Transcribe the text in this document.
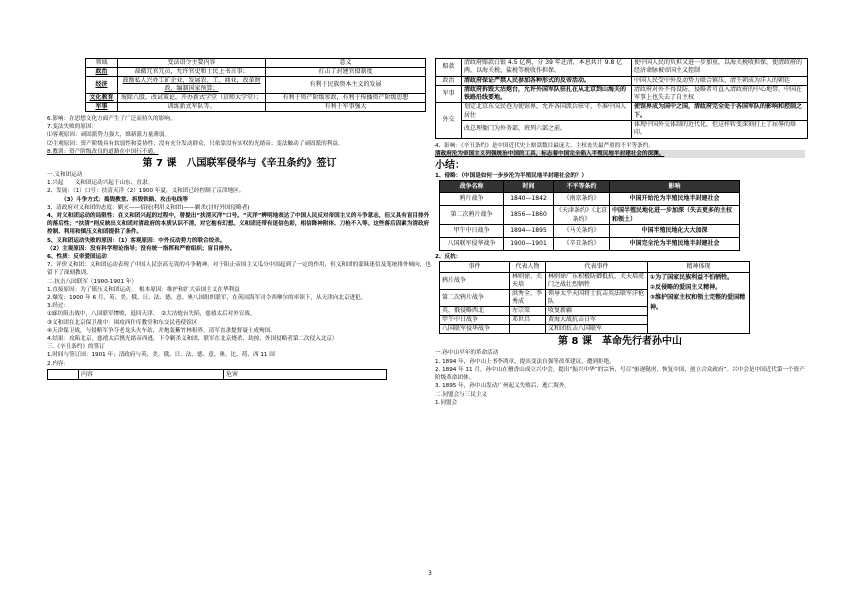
领域	变法诏令主要内容	意义
政治	裁撤冗官冗员，允许官吏和士民上书言事；	打击了封建官僚制度
经济	鼓励私人兴办工矿企业，发展农、工、商业，改革财政，编制国家预算；	有利于民族资本主义的发展
文化教育	废除八股，改试策论，开办新式学堂（京师大学堂）；	有利于资产阶级参政，有利于传播资产阶级思想
军事	训练新式军队等。	有利于军事强大

6.影响：在思想文化方面产生了广泛而持久的影响。

7.变法失败的原因：

⑴客观原因：顽固派势力强大，维新派力量薄弱。

⑵主观原因：资产阶级具有软弱性和妥协性；没有充分发动群众，只依靠没有实权的光绪帝；变法触动了顽固派的利益。

8.教训：资产阶级改良的道路在中国行不通。

第 7 课　八国联军侵华与《辛丑条约》签订

一.义和团运动

1.兴起　　义和团运动兴起于山东、直隶。

2、发展：（1）口号：扶清灭洋（2）1900 年夏，义和团已经控制了京津地区。

　　　（3）斗争方式：捣毁教堂、拆毁铁路、攻击电线等

3、清政府对义和团的态度：剿灭——招抚(利用义和团)——剿杀(讨好外国侵略者)

4、对义和团运动的局限性：在义和团兴起的过程中，曾提出“扶清灭洋”口号。“灭洋”辨明地表达了中国人民反对帝国主义的斗争意志，但又具有盲目排外的落后性；“扶清”则反映出义和团对清政府的本质认识不清，对它抱有幻想。义和团还带有迷信色彩，相信降神附体、刀枪不入等。这些落后因素为清政府控制、利用和镇压义和团提供了条件。

5、义和团运动失败的原因：（1）客观原因：中外反动势力的联合绞杀。

（2）主观原因：没有科学理论指导；没有统一指挥和严密组织；盲目排外。

6、性质：反帝爱国运动

7、评价义和团：义和团运动表现了中国人民崇高无畏的斗争精神，对于阻止帝国主义瓜分中国起到了一定的作用，但义和团的蒙昧迷信及笼统排外倾向，也留下了深刻教训。

二.抗击八国联军（1900-1901 年）

1.直接原因：为了镇压义和团运动。　根本原因：维护和扩大帝国主义在华利益

2.爆发：1900 年 6 月，英、美、俄、日、法、德、意、奥八国组织联军，在英国海军司令西摩尔的率领下，从天津向北京进犯。

3.经过：

①廊坊阻击战中，八国联军惨败，退回天津。　②大沽炮台失陷，慈禧太后对外宣战。

③义和团在北京保卫战中：围攻西什库教堂和东交民巷使馆区

④天津保卫战，与侵略军争夺老龙头火车站，并炮轰紫竹林租界，清军直隶提督聂士成殉国。

4.结果：攻陷北京，慈禧太后携光绪帝西逃，下令剿杀义和团，联军在北京烧杀、劫掠，外国侵略者第二次侵入北京）

三.《辛丑条约》的签订

1.时间与签订国：1901 年；清政府与英、美、俄、日、法、德、意、奥、比、荷、西 11 国

2.内容：

	内容	危害
赔款	清政府赔款白银 4.5 亿两，分 39 年还清，本息共计 9.8 亿两，以海关税、盐税等税收作担保。	使中国人民的负担又进一步加重，以海关税收担保，使清政府的经济命脉被帝国主义控制
政治	清政府保证严禁人民参加各种形式的反帝活动。	中国人民受中外反动势力联合镇压，清王朝成为洋人的朝廷
军事	清政府拆毁大沽炮台，允许外国军队驻扎在从北京到山海关的铁路沿线要地。	清政府对外不得设防，侵略者可直入清政府的中心地带，中国在军事上也失去了自主权
外交	划定北京东交民巷为使馆界，允许各国派兵驻守，不准中国人居住	使馆界成为国中之国，清政府完全处于各国军队的影响和控制之下。
	改总理衙门为外务部，班列六部之前。	体现中国外交体制的近代化，但这样转变深刻打上了屈辱的烙印。

4、影响：《辛丑条约》是中国近代史上赔款数目最庞大、主权丧失最严重的不平等条约。

清政府沦为帝国主义列强统治中国的工具，标志着中国完全陷入半殖民地半封建社会的深渊。

小结：

1、侵略：（中国是如何一步步沦为半殖民地半封建社会的？）

战争名称	时间	不平等条约	影响
鸦片战争	1840—1842	《南京条约》	中国开始沦为半殖民地半封建社会
第二次鸦片战争	1856—1860	《天津条约》《北京条约》	中国半殖民地化进一步加深（失去更多的主权和领土）
甲午中日战争	1894—1895	《马关条约》	中国半殖民地化大大加深
八国联军侵华战争	1900—1901	《辛丑条约》	中国完全沦为半殖民地半封建社会

2、反抗：

事件	代表人物	代表事件	精神体现
鸦片战争	林则徐、关天培	林则徐广东积极防御抵抗、关天培虎门之战壮烈牺牲	①为了国家民族利益不怕牺牲。
②反侵略的爱国主义精神。
③维护国家主权和领土完整的爱国精神。

第二次鸦片战争	洪秀全、李秀成	领导太平天国将士抗击英法联军洋枪队	
英、俄侵略西北	左宗棠	收复新疆	
甲午中日战争	邓世昌	黄海大战抗击日军	
八国联军侵华战争		义和团抗击八国联军	
第 8 课　革命先行者孙中山

一.孙中山早年的革命活动

1. 1894 年，孙中山上书李鸿章，提出变法自强等改革建议，遭到拒绝。

2. 1894 年 11 月，孙中山在檀香山成立兴中会，提出“振兴中华”的宗旨，号召“驱逐鞑虏，恢复中国，创立合众政府”。兴中会是中国近代第一个资产阶级革命团体。

3. 1895 年，孙中山发动广州起义失败后，逃亡海外。

二.同盟会与三民主义

1.同盟会

3
